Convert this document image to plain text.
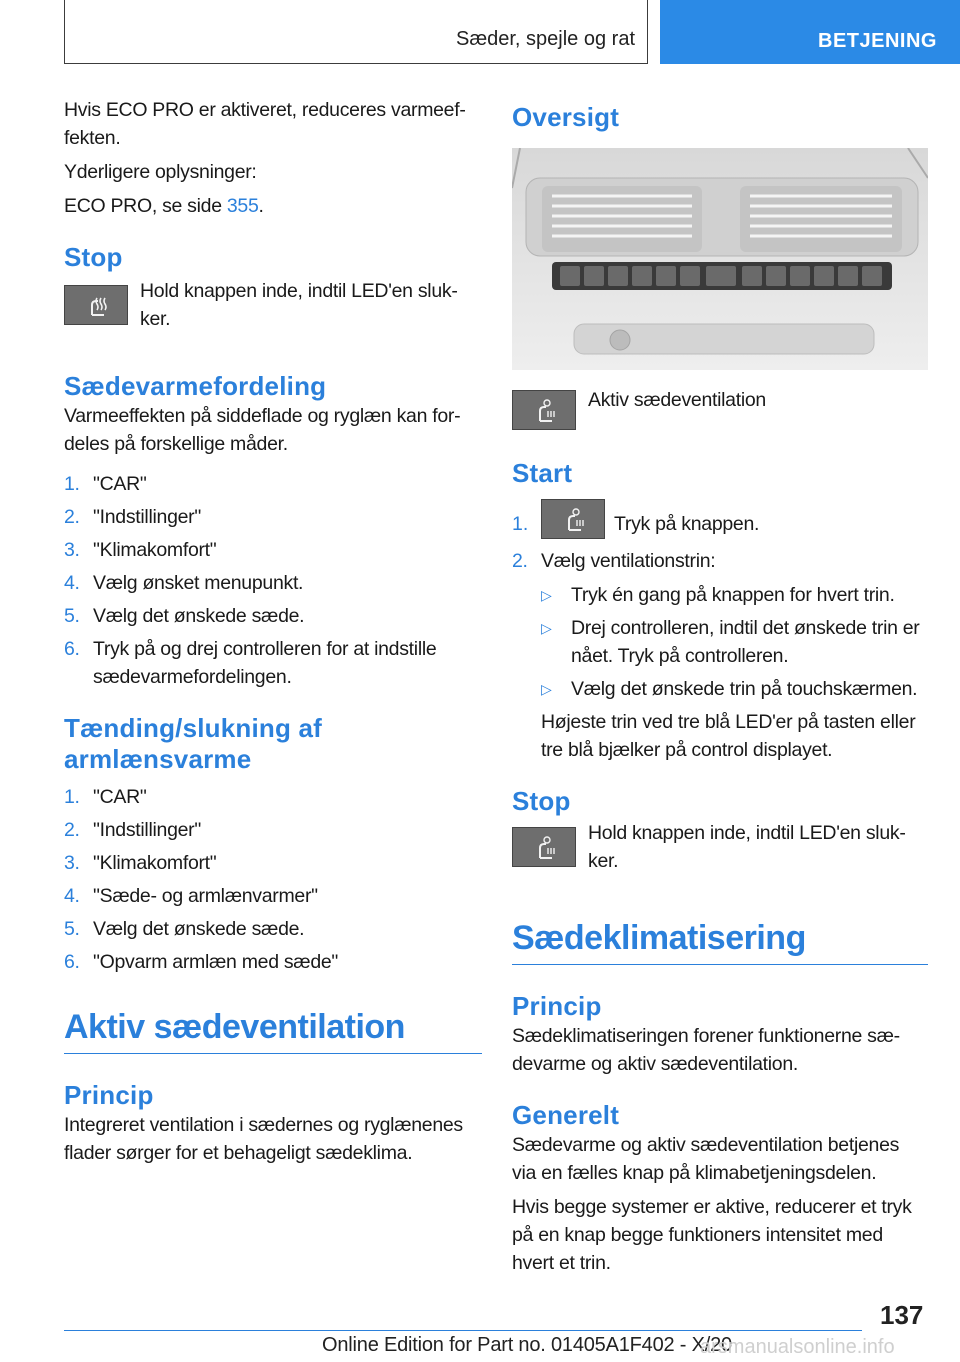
Sæder, spejle og rat	BETJENING

Hvis ECO PRO er aktiveret, reduceres varmeef-fekten.

Yderligere oplysninger:

ECO PRO, se side 355.

Stop

Hold knappen inde, indtil LED'en sluk-ker.

Sædevarmefordeling

Varmeeffekten på siddeflade og ryglæn kan for-deles på forskellige måder.

1. "CAR"
2. "Indstillinger"
3. "Klimakomfort"
4. Vælg ønsket menupunkt.
5. Vælg det ønskede sæde.
6. Tryk på og drej controlleren for at indstille sædevarmefordelingen.
Tænding/slukning af
armlænsvarme
1. "CAR"
2. "Indstillinger"
3. "Klimakomfort"
4. "Sæde- og armlænvarmer"
5. Vælg det ønskede sæde.
6. "Opvarm armlæn med sæde"
Aktiv sædeventilation
Princip

Integreret ventilation i sædernes og ryglænenes flader sørger for et behageligt sædeklima.

Oversigt

Aktiv sædeventilation

Start
1.	Tryk på knappen.
2. Vælg ventilationstrin:
▷ Tryk én gang på knappen for hvert trin.
▷ Drej controlleren, indtil det ønskede trin er nået. Tryk på controlleren.
▷ Vælg det ønskede trin på touchskærmen.

Højeste trin ved tre blå LED'er på tasten eller tre blå bjælker på control displayet.

Stop

Hold knappen inde, indtil LED'en sluk-ker.

Sædeklimatisering
Princip

Sædeklimatiseringen forener funktionerne sæ-devarme og aktiv sædeventilation.

Generelt

Sædevarme og aktiv sædeventilation betjenes via en fælles knap på klimabetjeningsdelen.

Hvis begge systemer er aktive, reducerer et tryk på en knap begge funktioners intensitet med hvert et trin.

137
Online Edition for Part no. 01405A1F402 - X/20
arsmanualsonline.info
